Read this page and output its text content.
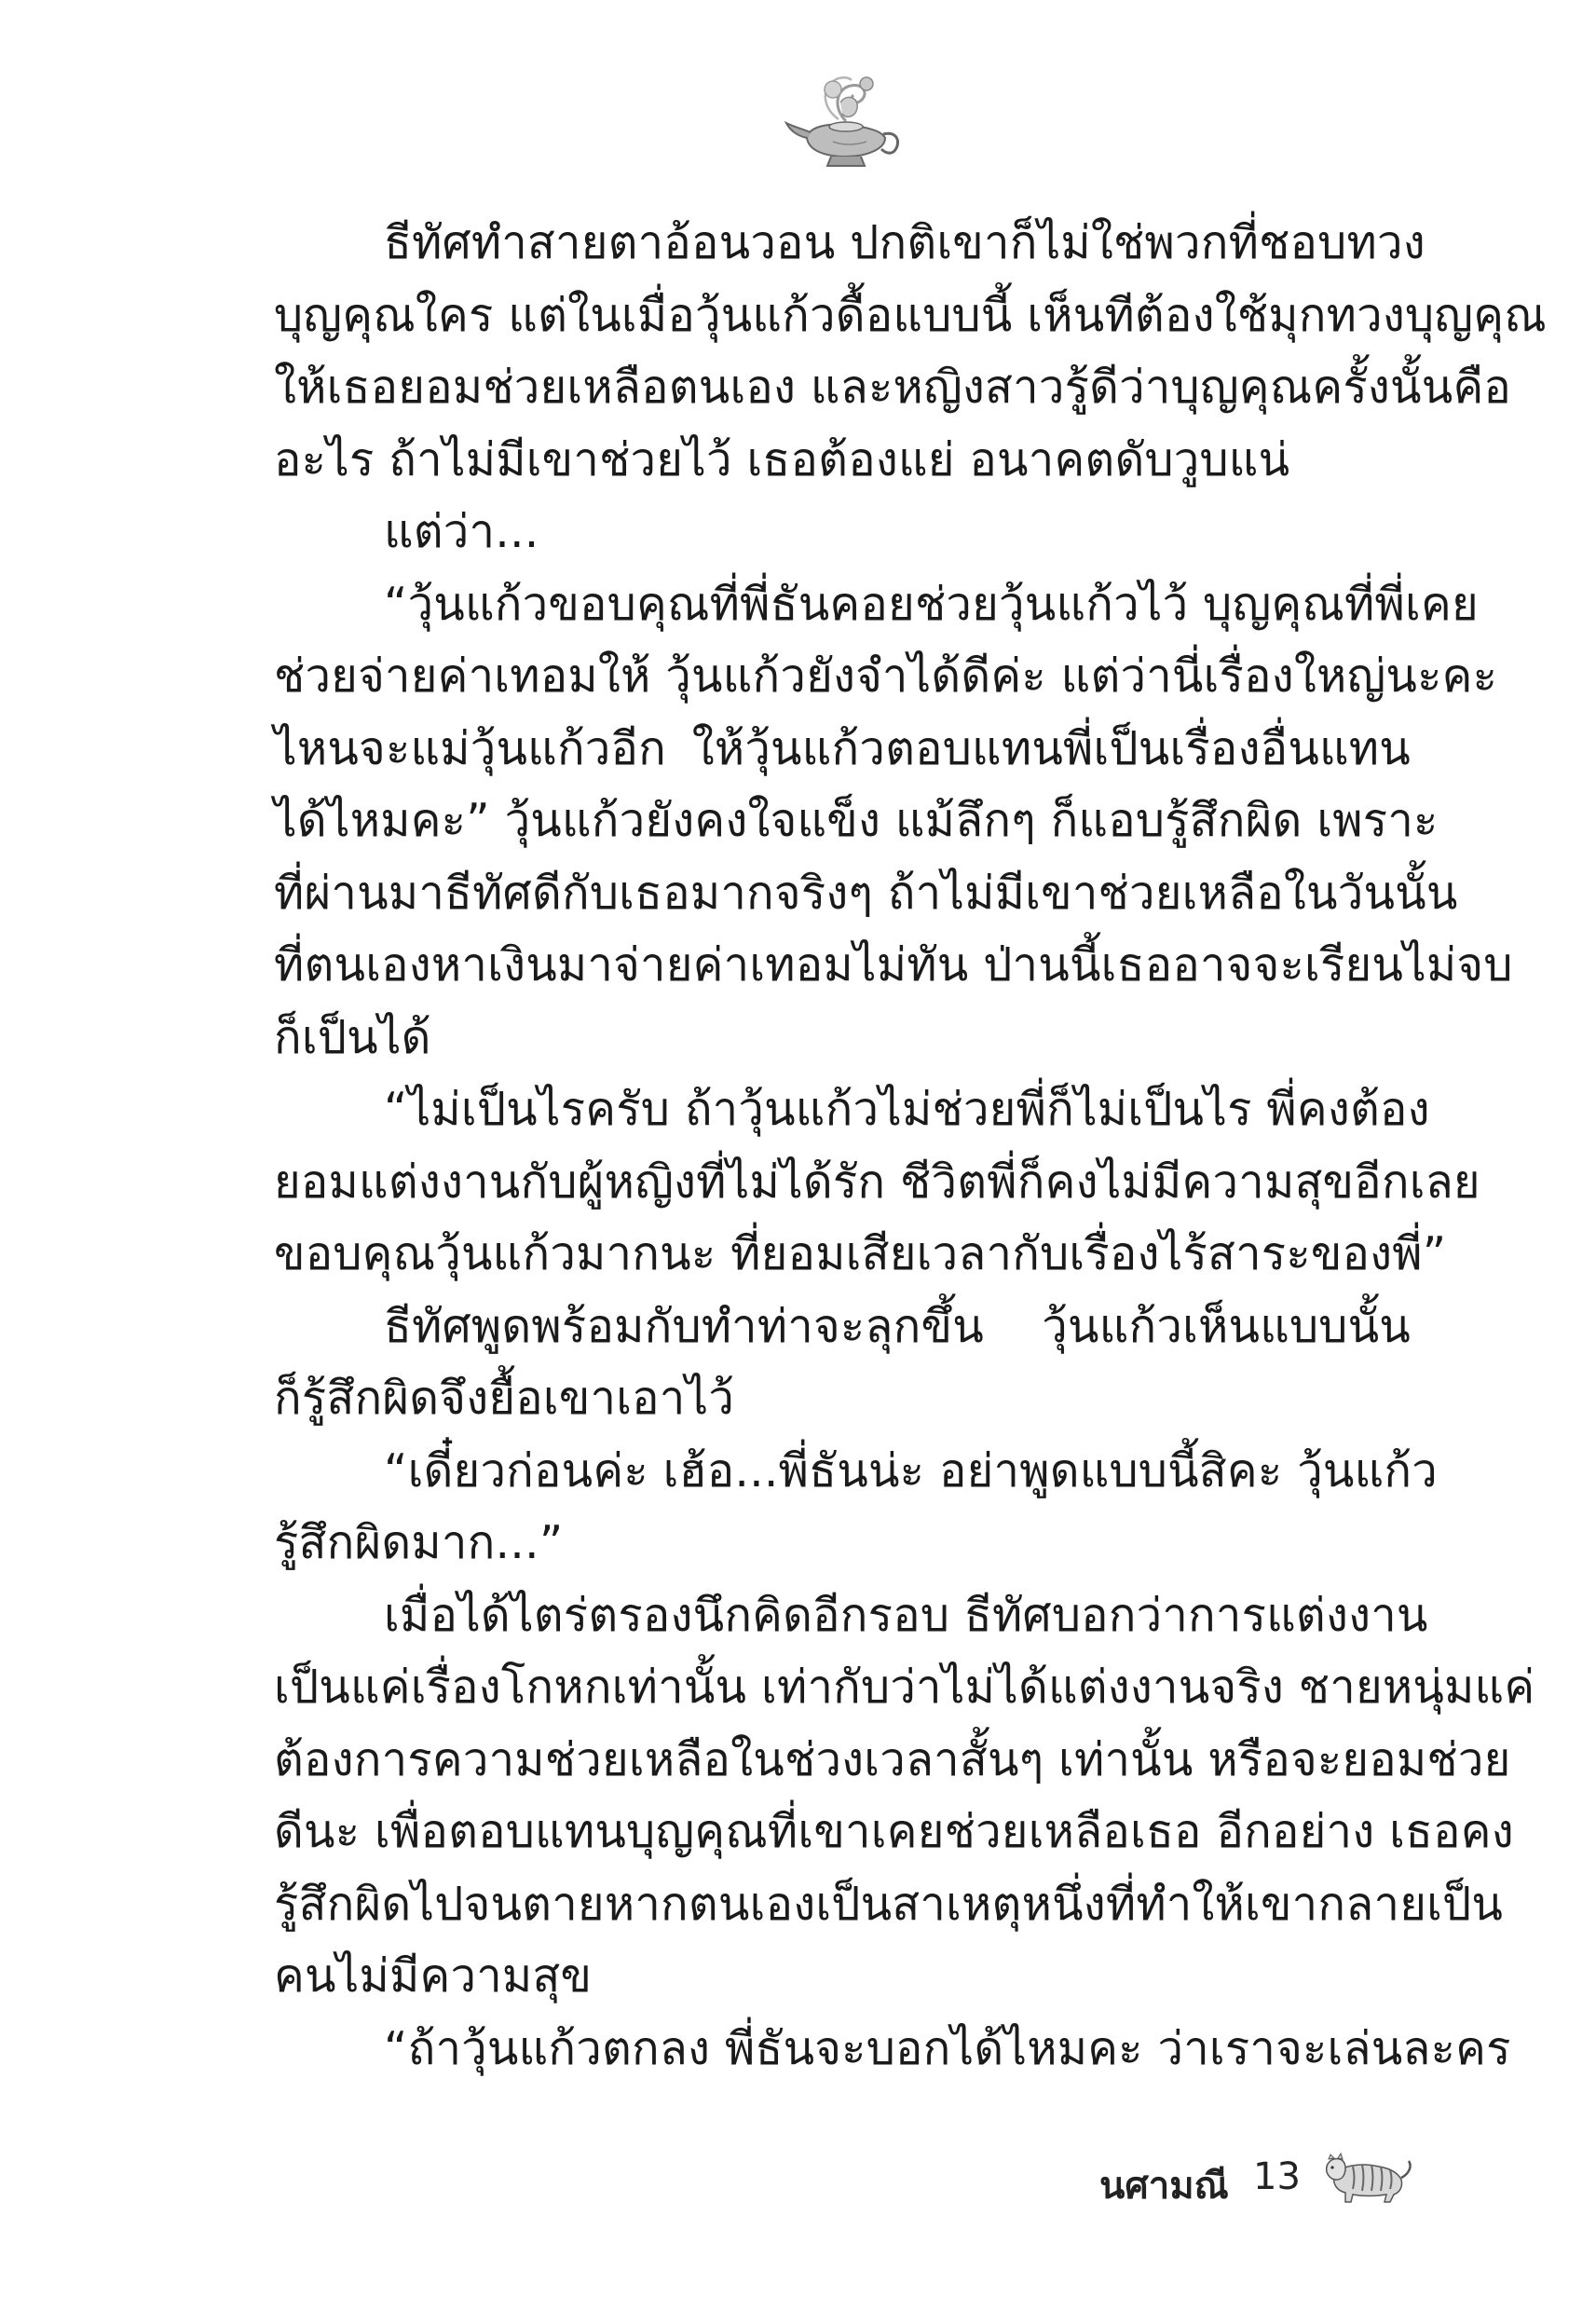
ธีทัศทำสายตาอ้อนวอน ปกติเขาก็ไม่ใช่พวกที่ชอบทวง
บุญคุณใคร แต่ในเมื่อวุ้นแก้วดื้อแบบนี้ เห็นทีต้องใช้มุกทวงบุญคุณ
ให้เธอยอมช่วยเหลือตนเอง และหญิงสาวรู้ดีว่าบุญคุณครั้งนั้นคือ
อะไร ถ้าไม่มีเขาช่วยไว้ เธอต้องแย่ อนาคตดับวูบแน่
แต่ว่า...
“วุ้นแก้วขอบคุณที่พี่ธันคอยช่วยวุ้นแก้วไว้ บุญคุณที่พี่เคย
ช่วยจ่ายค่าเทอมให้ วุ้นแก้วยังจำได้ดีค่ะ แต่ว่านี่เรื่องใหญ่นะคะ
ไหนจะแม่วุ้นแก้วอีก ให้วุ้นแก้วตอบแทนพี่เป็นเรื่องอื่นแทน
ได้ไหมคะ” วุ้นแก้วยังคงใจแข็ง แม้ลึกๆ ก็แอบรู้สึกผิด เพราะ
ที่ผ่านมาธีทัศดีกับเธอมากจริงๆ ถ้าไม่มีเขาช่วยเหลือในวันนั้น
ที่ตนเองหาเงินมาจ่ายค่าเทอมไม่ทัน ป่านนี้เธออาจจะเรียนไม่จบ
ก็เป็นได้
“ไม่เป็นไรครับ ถ้าวุ้นแก้วไม่ช่วยพี่ก็ไม่เป็นไร พี่คงต้อง
ยอมแต่งงานกับผู้หญิงที่ไม่ได้รัก ชีวิตพี่ก็คงไม่มีความสุขอีกเลย
ขอบคุณวุ้นแก้วมากนะ ที่ยอมเสียเวลากับเรื่องไร้สาระของพี่”
ธีทัศพูดพร้อมกับทำท่าจะลุกขึ้น วุ้นแก้วเห็นแบบนั้น
ก็รู้สึกผิดจึงยื้อเขาเอาไว้
“เดี๋ยวก่อนค่ะ เฮ้อ...พี่ธันน่ะ อย่าพูดแบบนี้สิคะ วุ้นแก้ว
รู้สึกผิดมาก...”
เมื่อได้ไตร่ตรองนึกคิดอีกรอบ ธีทัศบอกว่าการแต่งงาน
เป็นแค่เรื่องโกหกเท่านั้น เท่ากับว่าไม่ได้แต่งงานจริง ชายหนุ่มแค่
ต้องการความช่วยเหลือในช่วงเวลาสั้นๆ เท่านั้น หรือจะยอมช่วย
ดีนะ เพื่อตอบแทนบุญคุณที่เขาเคยช่วยเหลือเธอ อีกอย่าง เธอคง
รู้สึกผิดไปจนตายหากตนเองเป็นสาเหตุหนึ่งที่ทำให้เขากลายเป็น
คนไม่มีความสุข
“ถ้าวุ้นแก้วตกลง พี่ธันจะบอกได้ไหมคะ ว่าเราจะเล่นละคร
นศามณี 13
